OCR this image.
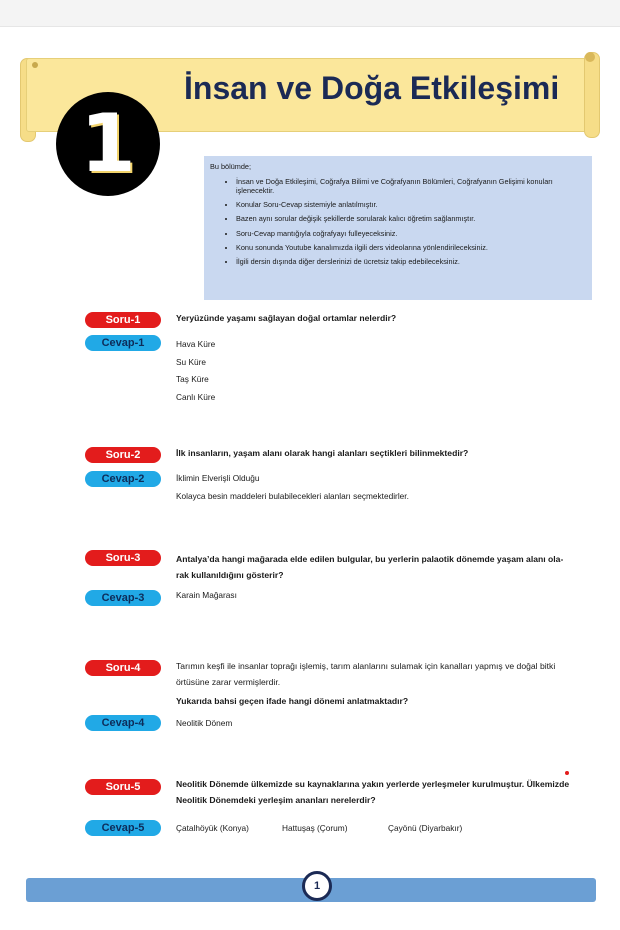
İnsan ve Doğa Etkileşimi
1	Bu bölümde;

• İnsan ve Doğa Etkileşimi, Coğrafya Bilimi ve Coğrafyanın Bölümleri, Coğrafyanın Gelişimi konuları işlenecektir.
• Konular Soru-Cevap sistemiyle anlatılmıştır.
• Bazen aynı sorular değişik şekillerde sorularak kalıcı öğretim sağlanmıştır.
• Soru-Cevap mantığıyla coğrafyayı fulleyeceksiniz.
• Konu sonunda Youtube kanalımızda ilgili ders videolarına yönlendirileceksiniz.
• İlgili dersin dışında diğer derslerinizi de ücretsiz takip edebileceksiniz.
Soru-1	Yeryüzünde yaşamı sağlayan doğal ortamlar nelerdir?

Cevap-1	Hava Küre
Su Küre
Taş Küre
Canlı Küre
Soru-2	İlk insanların, yaşam alanı olarak hangi alanları seçtikleri bilinmektedir?

Cevap-2	İklimin Elverişli Olduğu

Kolayca besin maddeleri bulabilecekleri alanları seçmektedirler.

Soru-3	Antalya’da hangi mağarada elde edilen bulgular, bu yerlerin palaotik dönemde yaşam alanı ola-

rak kullanıldığını gösterir?

Cevap-3	Karain Mağarası

Soru-4	Tarımın keşfi ile insanlar toprağı işlemiş, tarım alanlarını sulamak için kanalları yapmış ve doğal bitki

örtüsüne zarar vermişlerdir.

Yukarıda bahsi geçen ifade hangi dönemi anlatmaktadır?

Cevap-4	Neolitik Dönem

Soru-5	Neolitik Dönemde ülkemizde su kaynaklarına yakın yerlerde yerleşmeler kurulmuştur. Ülkemizde

Neolitik Dönemdeki yerleşim ananları nerelerdir?

Cevap-5	Çatalhöyük (Konya)	Hattuşaş (Çorum)	Çayönü (Diyarbakır)

1
